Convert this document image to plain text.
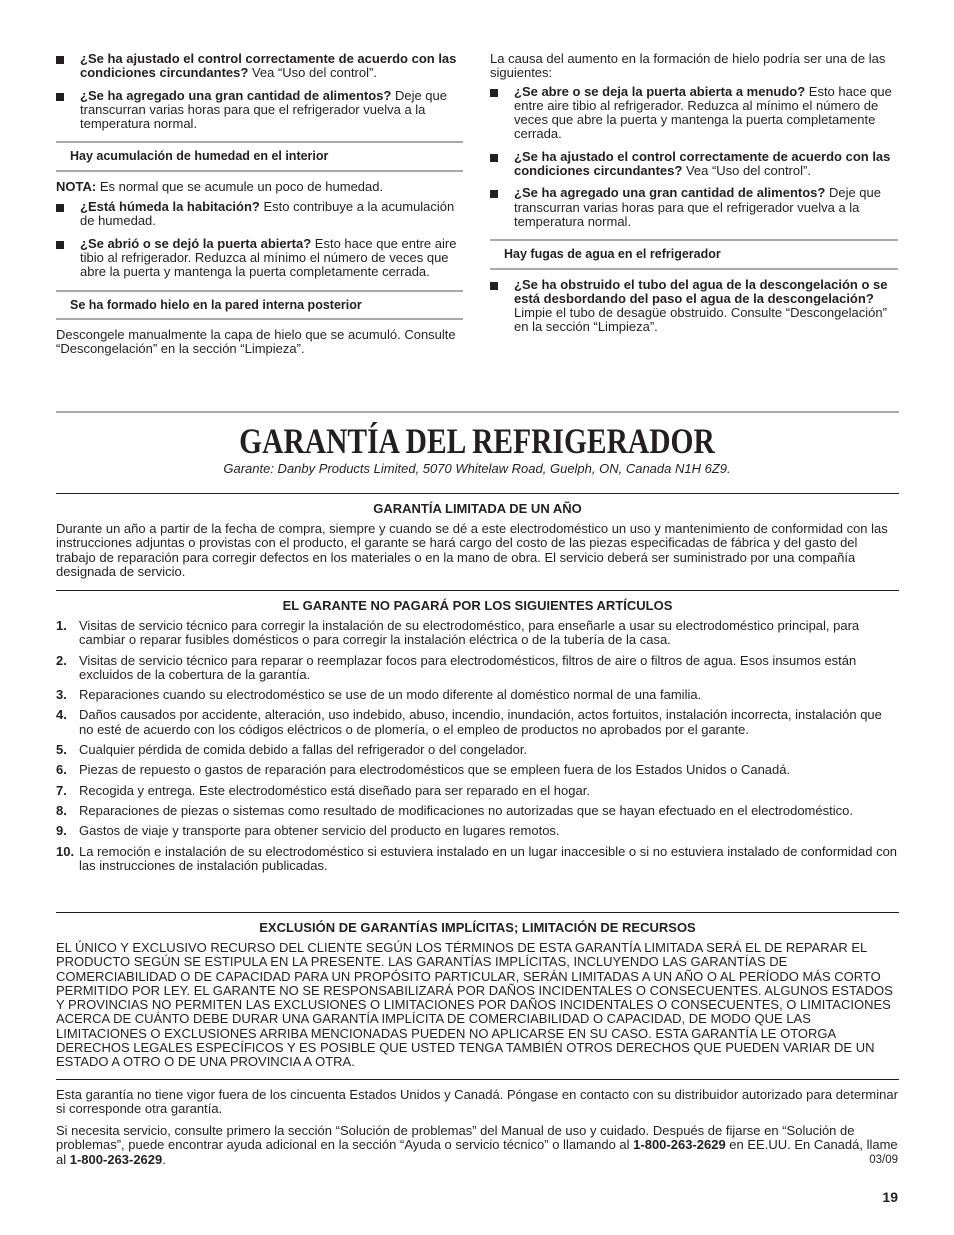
¿Se ha ajustado el control correctamente de acuerdo con las condiciones circundantes? Vea “Uso del control”.
¿Se ha agregado una gran cantidad de alimentos? Deje que transcurran varias horas para que el refrigerador vuelva a la temperatura normal.
Hay acumulación de humedad en el interior
NOTA: Es normal que se acumule un poco de humedad.
¿Está húmeda la habitación? Esto contribuye a la acumulación de humedad.
¿Se abrió o se dejó la puerta abierta? Esto hace que entre aire tibio al refrigerador. Reduzca al mínimo el número de veces que abre la puerta y mantenga la puerta completamente cerrada.
Se ha formado hielo en la pared interna posterior
Descongele manualmente la capa de hielo que se acumuló. Consulte “Descongelación” en la sección “Limpieza”.
La causa del aumento en la formación de hielo podría ser una de las siguientes:
¿Se abre o se deja la puerta abierta a menudo? Esto hace que entre aire tibio al refrigerador. Reduzca al mínimo el número de veces que abre la puerta y mantenga la puerta completamente cerrada.
¿Se ha ajustado el control correctamente de acuerdo con las condiciones circundantes? Vea “Uso del control”.
¿Se ha agregado una gran cantidad de alimentos? Deje que transcurran varias horas para que el refrigerador vuelva a la temperatura normal.
Hay fugas de agua en el refrigerador
¿Se ha obstruido el tubo del agua de la descongelación o se está desbordando del paso el agua de la descongelación? Limpie el tubo de desagüe obstruido. Consulte “Descongelación” en la sección “Limpieza”.
GARANTÍA DEL REFRIGERADOR
Garante: Danby Products Limited, 5070 Whitelaw Road, Guelph, ON, Canada N1H 6Z9.
GARANTÍA LIMITADA DE UN AÑO
Durante un año a partir de la fecha de compra, siempre y cuando se dé a este electrodoméstico un uso y mantenimiento de conformidad con las instrucciones adjuntas o provistas con el producto, el garante se hará cargo del costo de las piezas especificadas de fábrica y del gasto del trabajo de reparación para corregir defectos en los materiales o en la mano de obra. El servicio deberá ser suministrado por una compañía designada de servicio.
EL GARANTE NO PAGARÁ POR LOS SIGUIENTES ARTÍCULOS
1. Visitas de servicio técnico para corregir la instalación de su electrodoméstico, para enseñarle a usar su electrodoméstico principal, para cambiar o reparar fusibles domésticos o para corregir la instalación eléctrica o de la tubería de la casa.
2. Visitas de servicio técnico para reparar o reemplazar focos para electrodomésticos, filtros de aire o filtros de agua. Esos insumos están excluidos de la cobertura de la garantía.
3. Reparaciones cuando su electrodoméstico se use de un modo diferente al doméstico normal de una familia.
4. Daños causados por accidente, alteración, uso indebido, abuso, incendio, inundación, actos fortuitos, instalación incorrecta, instalación que no esté de acuerdo con los códigos eléctricos o de plomería, o el empleo de productos no aprobados por el garante.
5. Cualquier pérdida de comida debido a fallas del refrigerador o del congelador.
6. Piezas de repuesto o gastos de reparación para electrodomésticos que se empleen fuera de los Estados Unidos o Canadá.
7. Recogida y entrega. Este electrodoméstico está diseñado para ser reparado en el hogar.
8. Reparaciones de piezas o sistemas como resultado de modificaciones no autorizadas que se hayan efectuado en el electrodoméstico.
9. Gastos de viaje y transporte para obtener servicio del producto en lugares remotos.
10. La remoción e instalación de su electrodoméstico si estuviera instalado en un lugar inaccesible o si no estuviera instalado de conformidad con las instrucciones de instalación publicadas.
EXCLUSIÓN DE GARANTÍAS IMPLÍCITAS; LIMITACIÓN DE RECURSOS
EL ÚNICO Y EXCLUSIVO RECURSO DEL CLIENTE SEGÚN LOS TÉRMINOS DE ESTA GARANTÍA LIMITADA SERÁ EL DE REPARAR EL PRODUCTO SEGÚN SE ESTIPULA EN LA PRESENTE. LAS GARANTÍAS IMPLÍCITAS, INCLUYENDO LAS GARANTÍAS DE COMERCIABILIDAD O DE CAPACIDAD PARA UN PROPÓSITO PARTICULAR, SERÁN LIMITADAS A UN AÑO O AL PERÍODO MÁS CORTO PERMITIDO POR LEY. EL GARANTE NO SE RESPONSABILIZARÁ POR DAÑOS INCIDENTALES O CONSECUENTES. ALGUNOS ESTADOS Y PROVINCIAS NO PERMITEN LAS EXCLUSIONES O LIMITACIONES POR DAÑOS INCIDENTALES O CONSECUENTES, O LIMITACIONES ACERCA DE CUÁNTO DEBE DURAR UNA GARANTÍA IMPLÍCITA DE COMERCIABILIDAD O CAPACIDAD, DE MODO QUE LAS LIMITACIONES O EXCLUSIONES ARRIBA MENCIONADAS PUEDEN NO APLICARSE EN SU CASO. ESTA GARANTÍA LE OTORGA DERECHOS LEGALES ESPECÍFICOS Y ES POSIBLE QUE USTED TENGA TAMBIÉN OTROS DERECHOS QUE PUEDEN VARIAR DE UN ESTADO A OTRO O DE UNA PROVINCIA A OTRA.
Esta garantía no tiene vigor fuera de los cincuenta Estados Unidos y Canadá. Póngase en contacto con su distribuidor autorizado para determinar si corresponde otra garantía.
Si necesita servicio, consulte primero la sección “Solución de problemas” del Manual de uso y cuidado. Después de fijarse en “Solución de problemas”, puede encontrar ayuda adicional en la sección “Ayuda o servicio técnico” o llamando al 1-800-263-2629 en EE.UU. En Canadá, llame al 1-800-263-2629.	03/09
19
